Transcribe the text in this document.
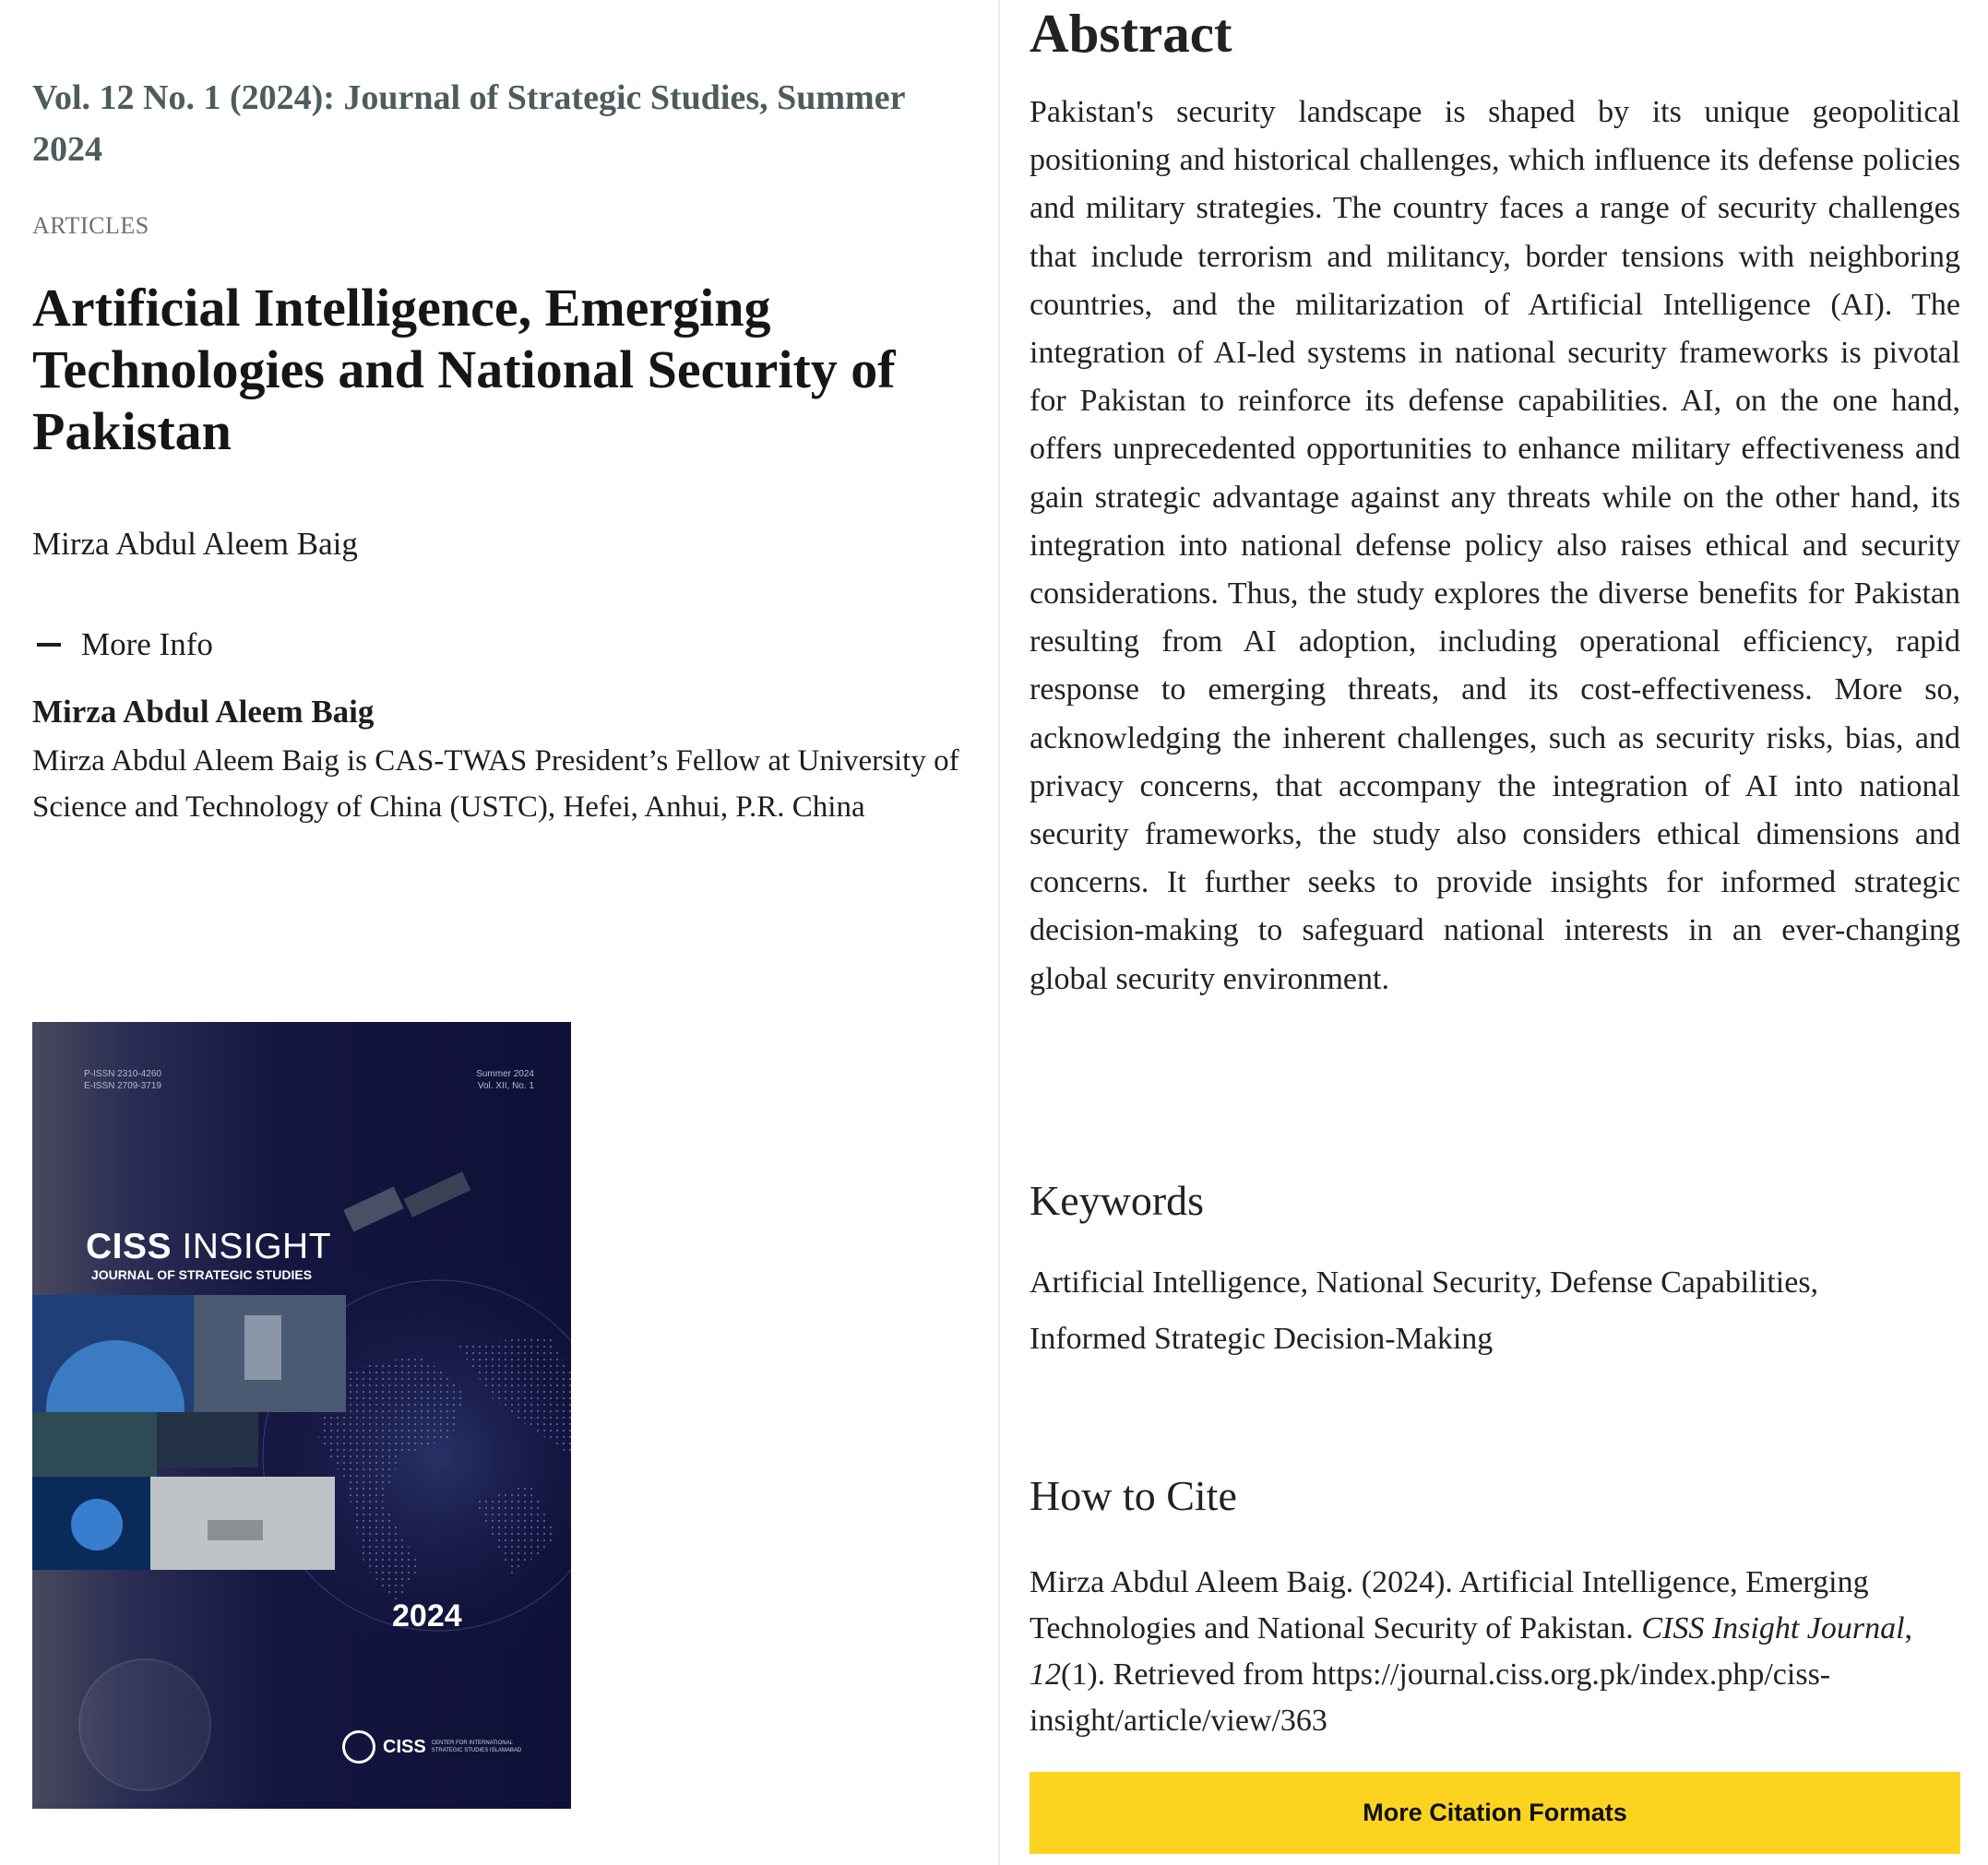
Vol. 12 No. 1 (2024): Journal of Strategic Studies, Summer 2024

ARTICLES

Artificial Intelligence, Emerging Technologies and National Security of Pakistan

Mirza Abdul Aleem Baig

More Info

Mirza Abdul Aleem Baig

Mirza Abdul Aleem Baig is CAS-TWAS President’s Fellow at University of Science and Technology of China (USTC), Hefei, Anhui, P.R. China

P-ISSN 2310-4260
E-ISSN 2709-3719
Summer 2024
Vol. XII, No. 1
CISS INSIGHT
JOURNAL OF STRATEGIC STUDIES
2024
CISS CENTER FOR INTERNATIONAL
STRATEGIC STUDIES ISLAMABAD
Abstract

Pakistan's security landscape is shaped by its unique geopolitical positioning and historical challenges, which influence its defense policies and military strategies. The country faces a range of security challenges that include terrorism and militancy, border tensions with neighboring countries, and the militarization of Artificial Intelligence (AI). The integration of AI-led systems in national security frameworks is pivotal for Pakistan to reinforce its defense capabilities. AI, on the one hand, offers unprecedented opportunities to enhance military effectiveness and gain strategic advantage against any threats while on the other hand, its integration into national defense policy also raises ethical and security considerations. Thus, the study explores the diverse benefits for Pakistan resulting from AI adoption, including operational efficiency, rapid response to emerging threats, and its cost-effectiveness. More so, acknowledging the inherent challenges, such as security risks, bias, and privacy concerns, that accompany the integration of AI into national security frameworks, the study also considers ethical dimensions and concerns. It further seeks to provide insights for informed strategic decision-making to safeguard national interests in an ever-changing global security environment.

Keywords

Artificial Intelligence, National Security, Defense Capabilities,
Informed Strategic Decision-Making

How to Cite

Mirza Abdul Aleem Baig. (2024). Artificial Intelligence, Emerging Technologies and National Security of Pakistan. CISS Insight Journal, 12(1). Retrieved from https://journal.ciss.org.pk/index.php/ciss-insight/article/view/363

More Citation Formats
